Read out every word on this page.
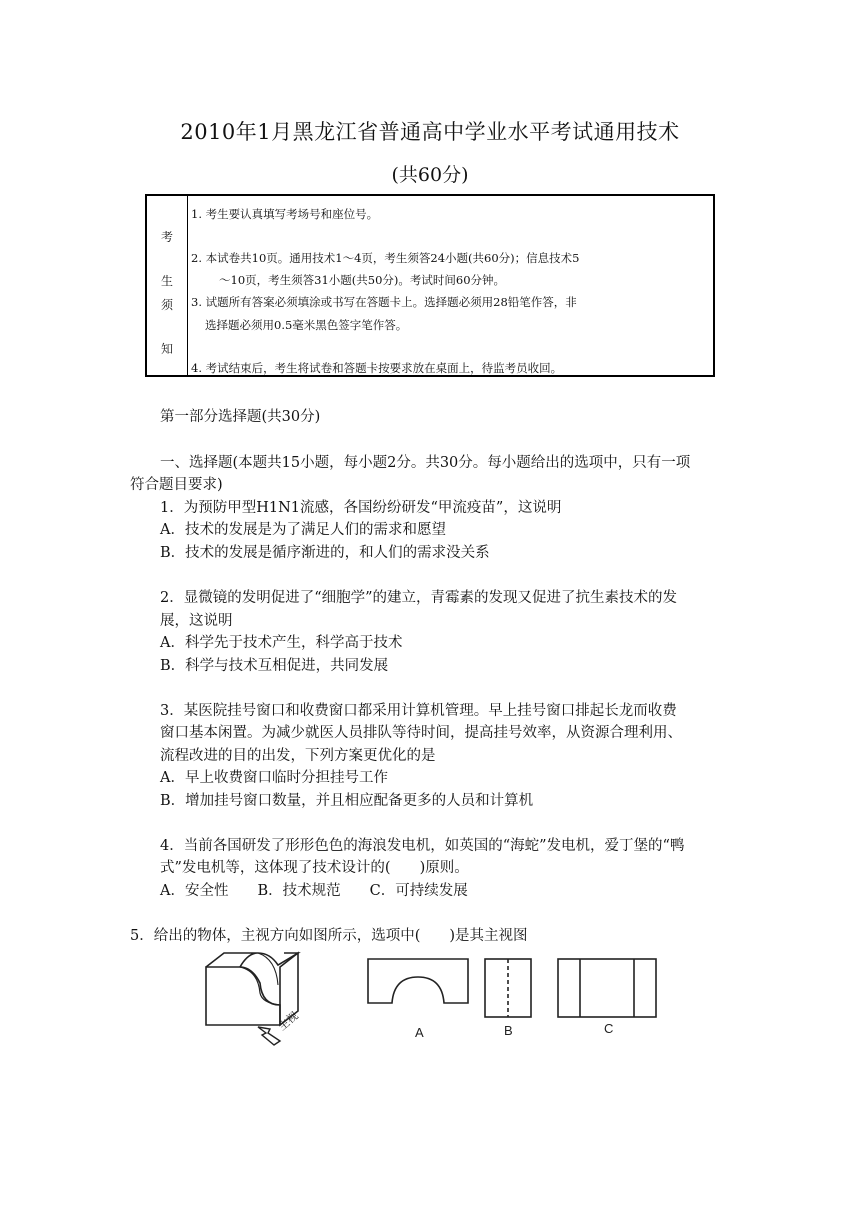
2010年1月黑龙江省普通高中学业水平考试通用技术
(共60分)
考
生
须
知
1. 考生要认真填写考场号和座位号。
2. 本试卷共10页。通用技术1～4页，考生须答24小题(共60分)；信息技术5
～10页，考生须答31小题(共50分)。考试时间60分钟。
3. 试题所有答案必须填涂或书写在答题卡上。选择题必须用28铅笔作答，非
选择题必须用0.5毫米黑色签字笔作答。
4. 考试结束后，考生将试卷和答题卡按要求放在桌面上，待监考员收回。
第一部分选择题(共30分)
一、选择题(本题共15小题，每小题2分。共30分。每小题给出的选项中，只有一项
符合题目要求)
1．为预防甲型H1N1流感，各国纷纷研发“甲流疫苗”，这说明
A．技术的发展是为了满足人们的需求和愿望
B．技术的发展是循序渐进的，和人们的需求没关系
2．显微镜的发明促进了“细胞学”的建立，青霉素的发现又促进了抗生素技术的发
展，这说明
A．科学先于技术产生，科学高于技术
B．科学与技术互相促进，共同发展
3．某医院挂号窗口和收费窗口都采用计算机管理。早上挂号窗口排起长龙而收费
窗口基本闲置。为减少就医人员排队等待时间，提高挂号效率，从资源合理利用、
流程改进的目的出发，下列方案更优化的是
A．早上收费窗口临时分担挂号工作
B．增加挂号窗口数量，并且相应配备更多的人员和计算机
4．当前各国研发了形形色色的海浪发电机，如英国的“海蛇”发电机，爱丁堡的“鸭
式”发电机等，这体现了技术设计的(　　)原则。
A．安全性　　B．技术规范　　C．可持续发展
5．给出的物体，主视方向如图所示，选项中(　　)是其主视图
主视	A	B	C
